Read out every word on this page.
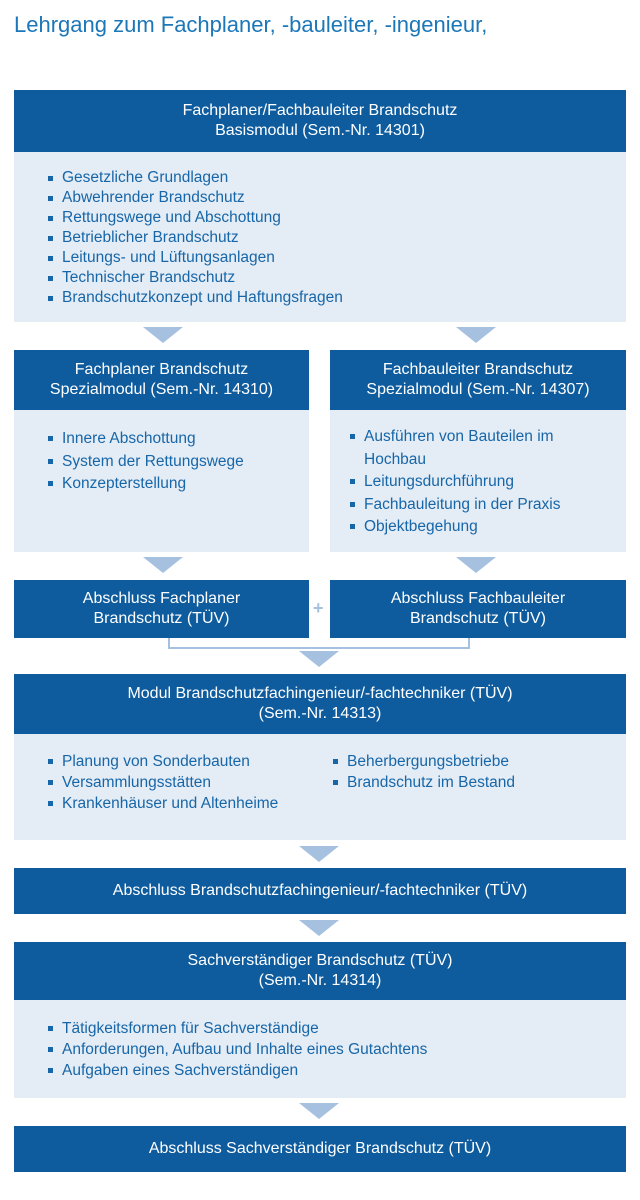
Lehrgang zum Fachplaner, -bauleiter, -ingenieur,
Fachplaner/Fachbauleiter Brandschutz
Basismodul (Sem.-Nr. 14301)
Gesetzliche Grundlagen
Abwehrender Brandschutz
Rettungswege und Abschottung
Betrieblicher Brandschutz
Leitungs- und Lüftungsanlagen
Technischer Brandschutz
Brandschutzkonzept und Haftungsfragen
Fachplaner Brandschutz
Spezialmodul (Sem.-Nr. 14310)
Innere Abschottung
System der Rettungswege
Konzepterstellung
Fachbauleiter Brandschutz
Spezialmodul (Sem.-Nr. 14307)
Ausführen von Bauteilen im Hochbau
Leitungsdurchführung
Fachbauleitung in der Praxis
Objektbegehung
Abschluss Fachplaner
Brandschutz (TÜV)
+	Abschluss Fachbauleiter
Brandschutz (TÜV)
Modul Brandschutzfachingenieur/-fachtechniker (TÜV)
(Sem.-Nr. 14313)
Planung von Sonderbauten
Versammlungsstätten
Krankenhäuser und Altenheime
Beherbergungsbetriebe
Brandschutz im Bestand
Abschluss Brandschutzfachingenieur/-fachtechniker (TÜV)
Sachverständiger Brandschutz (TÜV)
(Sem.-Nr. 14314)
Tätigkeitsformen für Sachverständige
Anforderungen, Aufbau und Inhalte eines Gutachtens
Aufgaben eines Sachverständigen
Abschluss Sachverständiger Brandschutz (TÜV)
